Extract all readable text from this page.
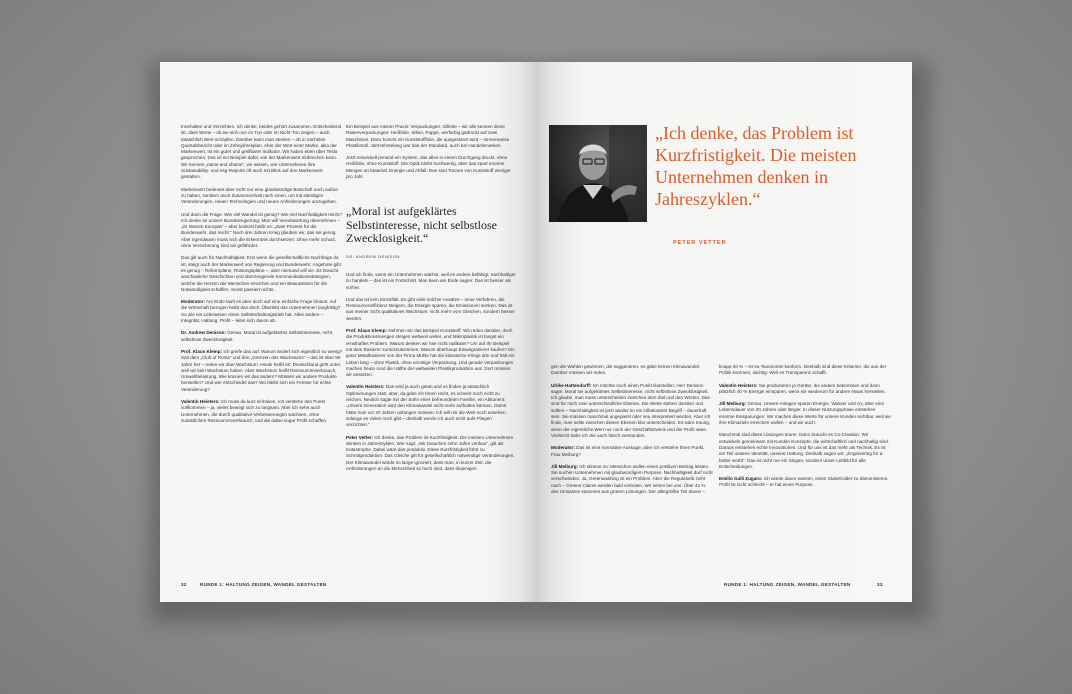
Innehalten und Verzichten. Ich denke, beides gehört zusammen. Entscheidend ist, dass Werte – ob sie sich nun im Tun oder im Nicht-Tun zeigen – auch tatsächlich Wert schöpfen. Darüber kann man streiten – ob in nächsten Quartalsbericht oder im Zehnjahresplan. Aber der Wert einer Marke, also der Markenwert, ist ein guter und greifbarer Indikator. Wir haben eben über Tesla gesprochen: Das ist ein Beispiel dafür, wie der Markenwert einbrechen kann. Wir kennen „name and shame“, wir wissen, wie Unternehmen ihre Sustainability- und esg-Reports oft auch mit Blick auf den Markenwert gestalten.

Markenwert bedeutet aber nicht nur eine glaubwürdige Botschaft nach außen zu haben, sondern auch Zusammenhalt nach innen, um mit ständigen Veränderungen, neuen Technologien und neuen Anforderungen umzugehen.

Und dann die Frage: Wie viel Wandel ist genug? Wie viel Nachhaltigkeit reicht? Ich denke an unsere Bundesregierung: Man will Verantwortung übernehmen – „im Namen Europas“ – aber konkret heißt es: „Zwei Prozent für die Bundeswehr, das reicht.“ Nach drei Jahren Krieg glauben wir, das sei genug. Aber irgendwann muss sich die Erkenntnis durchsetzen: Ohne mehr Schutz, ohne Versicherung sind wir gefährdet.

Das gilt auch für Nachhaltigkeit: Erst wenn die gesellschaftliche Nachfrage da ist, steigt auch der Markenwert von Regierung und Bundeswehr. Angebote gibt es genug – Reformpläne, Rüstungspläne –, aber niemand will sie. Es braucht anschauliche Geschichten und überzeugende Kommunikationsstrategien, welche die Herzen der Menschen erreichen und ein Bewusstsein für die Notwendigkeit schaffen. Sonst passiert nichts.

Moderator: Am Ende läuft es aber doch auf eine einfache Frage hinaus: Auf die Wirtschaft bezogen heißt das doch: Überlebt das Unternehmen langfristig? So wie ein Lebewesen einen Selbsterhaltungstrieb hat. Alles andere – Integrität, Haltung, Profit – leitet sich davon ab.

Dr. Andrew Denison: Genau. Moral ist aufgeklärtes Selbstinteresse, nicht selbstlose Zwecklosigkeit.

Prof. Klaus Klemp: Ich greife das auf: Warum ändert sich eigentlich so wenig? Seit dem „Club of Rome“ und den „Grenzen des Wachstums“ – das ist über 50 Jahre her – reden wir über Wachstum. Heute heißt es: Deutschland geht unter, weil wir kein Wachstum haben. Aber Wachstum heißt Ressourcenverbrauch, Umweltbelastung. Wie können wir das ändern? Müssen wir andere Produkte herstellen? Und wer entscheidet das? Wo bleibt sich ein Fenster für echte Veränderung?

Valentin Heisters: Ich muss da kurz einhaken. Ich verstehe den Punkt vollkommen – ja, vieles bewegt sich zu langsam. Aber ich sehe auch Unternehmen, die durch qualitative Verbesserungen wachsen, ohne zusätzlichen Ressourcenverbrauch, und die dabei sogar Profit schaffen.

Ein Beispiel aus meiner Praxis: Verpackungen. Gillette – wir alle kennen diese Rasierverpackungen: Heißfolie, Silber, Pappe, vierfarbig gedruckt auf zwei Maschinen. Dazu kommt ein Kunststofffolie, die ausgestanzt wird – tonnenweise Plastikmüll. Jahrzehntelang war das der Standard, auch bei Handelsmarken.

Jetzt entwickelt jemand ein System, das alles in einem Durchgang druckt, ohne Heißfolie, ohne Kunststoff. Die Optik bleibt hochwertig, aber das spart enorme Mengen an Material, Energie und Abfall. Das sind Tonnen von Kunststoff weniger pro Jahr.

„Moral ist aufgeklärtes Selbstinteresse, nicht selbstlose Zwecklosigkeit.“
DR. ANDREW DENISON

Und ich finde, wenn ein Unternehmen wächst, weil es andere befähigt, nachhaltiger zu handeln – das ist ein Fortschritt. Man kann am Ende sagen: Das ist besser als vorher.

Und das ist kein Einzelfall. Es gibt viele solcher Ansätze – neue Verfahren, die Ressourceneffizienz steigern, die Energie sparen, die Emissionen senken. Das ist aus meiner Sicht qualitatives Wachstum: nicht mehr vom Gleichen, sondern besser werden.

Prof. Klaus Klemp: Nehmen wir das Beispiel Kunststoff. Wir reden darüber, doch die Produktionsmengen steigen weltweit weiter, und Mikroplastik ist längst ein ernsthaftes Problem. Warum denken wir hier nicht radikaler? Um auf Ihr Beispiel mit dem Rasierer zurückzukommen: Warum überhaupt Einwegrasierer kaufen? Ein guter Metallrasierer von der Firma Mühle hat die klassische Klinge drin und hält ein Leben lang – ohne Plastik, ohne unnötige Verpackung. Und gerade Verpackungen machen heute rund die Hälfte der weltweiten Plastikproduktion aus. Dort müssen wir ansetzen.

Valentin Heisters: Das wird ja auch getan und es finden ja tatsächlich Optimierungen statt, aber, da gebe ich Ihnen recht, es scheint noch nicht zu reichen. Neulich sagte mir der Sohn einer befreundeten Familie, ein Abiturient: „Unsere Generation wird den Klimawandel nicht mehr aufhalten können. Damit hätte man vor 20 Jahren anfangen müssen. Ich will mir die Welt noch ansehen, solange es vieles noch gibt – deshalb werde ich auch nicht aufs Fliegen verzichten.“

Peter Vetter: Ich denke, das Problem ist Kurzfristigkeit. Die meisten Unternehmen denken in Jahreszyklen. Wer sagt: „Wir brauchen zehn Jahre Umbau“, gilt als Katastrophe. Dabei wäre das produktiv. Diese Kurzfristigkeit führt zu Schrottproduktion. Das Gleiche gilt für gesellschaftlich notwendige Veränderungen. Der Klimawandel würde so lange ignoriert, dass man, in kurzer Zeit, die Anforderungen an die Menschheit so hoch sind, dass diejenigen

32	RUNDE 1: HALTUNG ZEIGEN, WANDEL GESTALTEN
„Ich denke, das Problem ist Kurzfristigkeit. Die meisten Unternehmen denken in Jahreszyklen.“
PETER VETTER

gen die Wahlen gewinnen, die suggerieren, es gäbe keinen Klimawandel. Darüber müssen wir reden.

Ulrike Hattendorff: Ich möchte noch einen Punkt klarstellen: Herr Denison sagte, Moral sei aufgeklärtes Selbstinteresse, nicht selbstlose Zwecklosigkeit. Ich glaube, man muss unterscheiden zwischen dem Ziel und den Werten. Das sind für mich zwei unterschiedliche Ebenen. Die Werte stehen darüber und sollten – Nachhaltigkeit ist jetzt wieder so ein inflationärer Begriff – dauerhaft sein. Sie müssen manchmal angepasst oder neu interpretiert werden. Aber ich finde, man sollte zwischen diesen Ebenen klar unterscheiden. Es wäre traurig, wenn der eigentliche Wert nur noch der Geschäftszweck und der Profit wäre. Vielleicht habe ich Sie auch falsch verstanden.

Moderator: Das ist eine normative Aussage, aber ich verstehe Ihren Punkt, Frau Meiburg?

Jill Meiburg: Ich stimme zu: Menschen wollen einen positiven Beitrag leisten. Sie suchen Unternehmen mit glaubwürdigem Purpose. Nachhaltigkeit darf nicht verschwinden. Ja, Greenwashing ist ein Problem. Aber die Regulatorik zieht nach – Greens Claims werden bald verboten. Wir sehen bei uns: Über 41 % des Umsatzes stammen aus grünen Lösungen. Der allergrößte Teil davon –

knapp 40 % – ist eu-Taxonomie-konform. Deshalb sind diese Kriterien, die aus der Politik kommen, wichtig: Weil es Transparenz schafft.

Valentin Heisters: Sie produzieren ja Geräte, die andere bekommen und dann plötzlich 40 % Energie einsparen, wenn sie wiederum für andere etwas herstellen.

Jill Meiburg: Genau. Unsere Anlagen sparen Energie, Wasser und co₂ über eine Lebensdauer von 20 Jahren oder länger. In dieser Nutzungsphase entstehen enorme Einsparungen. Wir machen diese Werte für unsere Kunden sichtbar, weil sie ihre Klimaziele erreichen wollen – und wir auch.

Manchmal sind diese Lösungen teurer. Dann braucht es Co-Creation: Wir entwickeln gemeinsam mit Kunden Konzepte, die wirtschaftlich und nachhaltig sind. Daraus entstehen echte Innovationen. Und für uns ist das mehr als Technik. Es ist ein Teil unserer Identität, unserer Haltung. Deshalb sagen wir: „Engineering for a better world“. Das ist nicht nur ein Slogan, sondern unser Leitbild für alle Entscheidungen.

Emilio Galli Zugaro: Ich würde davor warnen, einen Stakeholder zu dämonisieren. Profit ist nicht schlecht – er hat einen Purpose.

RUNDE 1: HALTUNG ZEIGEN, WANDEL GESTALTEN	33
